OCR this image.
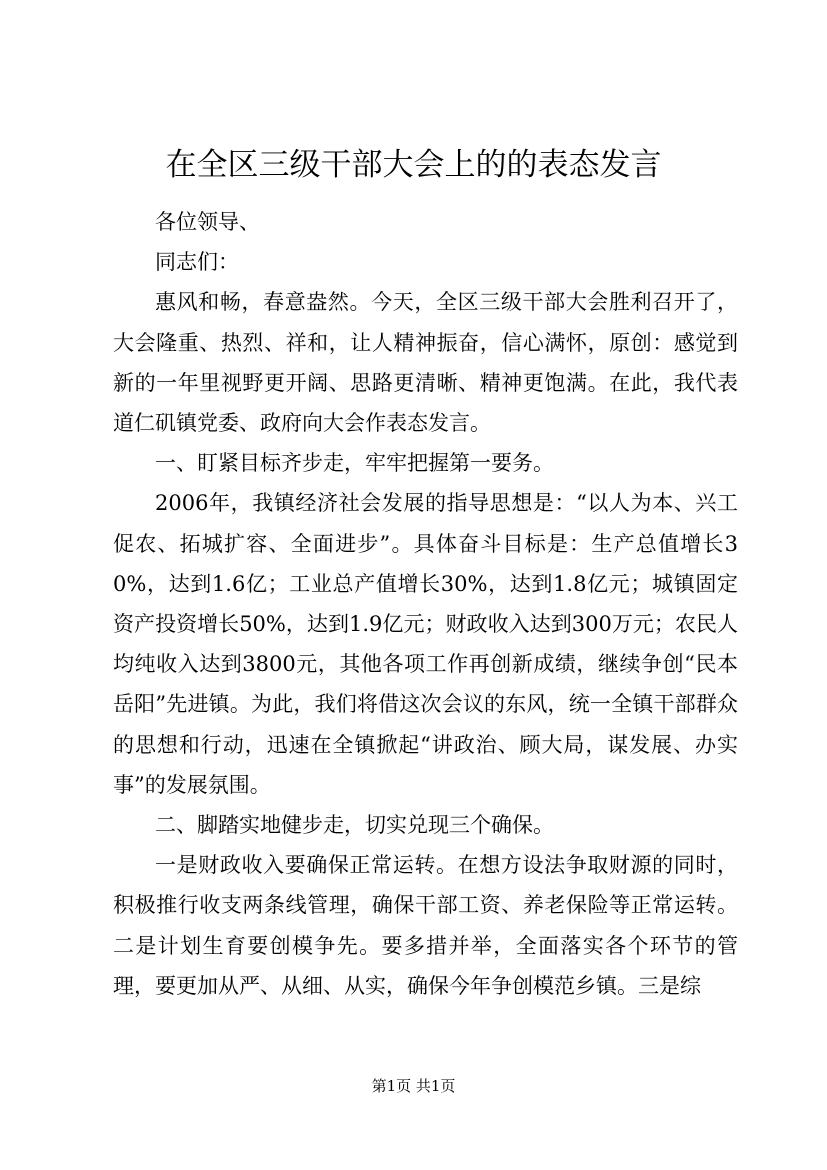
在全区三级干部大会上的的表态发言

各位领导、

同志们：

惠风和畅，春意盎然。今天，全区三级干部大会胜利召开了，大会隆重、热烈、祥和，让人精神振奋，信心满怀，原创：感觉到新的一年里视野更开阔、思路更清晰、精神更饱满。在此，我代表道仁矶镇党委、政府向大会作表态发言。

一、盯紧目标齐步走，牢牢把握第一要务。

2006年，我镇经济社会发展的指导思想是：“以人为本、兴工促农、拓城扩容、全面进步”。具体奋斗目标是：生产总值增长30%，达到1.6亿；工业总产值增长30%，达到1.8亿元；城镇固定资产投资增长50%，达到1.9亿元；财政收入达到300万元；农民人均纯收入达到3800元，其他各项工作再创新成绩，继续争创“民本岳阳”先进镇。为此，我们将借这次会议的东风，统一全镇干部群众的思想和行动，迅速在全镇掀起“讲政治、顾大局，谋发展、办实事”的发展氛围。

二、脚踏实地健步走，切实兑现三个确保。

一是财政收入要确保正常运转。在想方设法争取财源的同时，积极推行收支两条线管理，确保干部工资、养老保险等正常运转。二是计划生育要创模争先。要多措并举，全面落实各个环节的管理，要更加从严、从细、从实，确保今年争创模范乡镇。三是综

第1页 共1页
